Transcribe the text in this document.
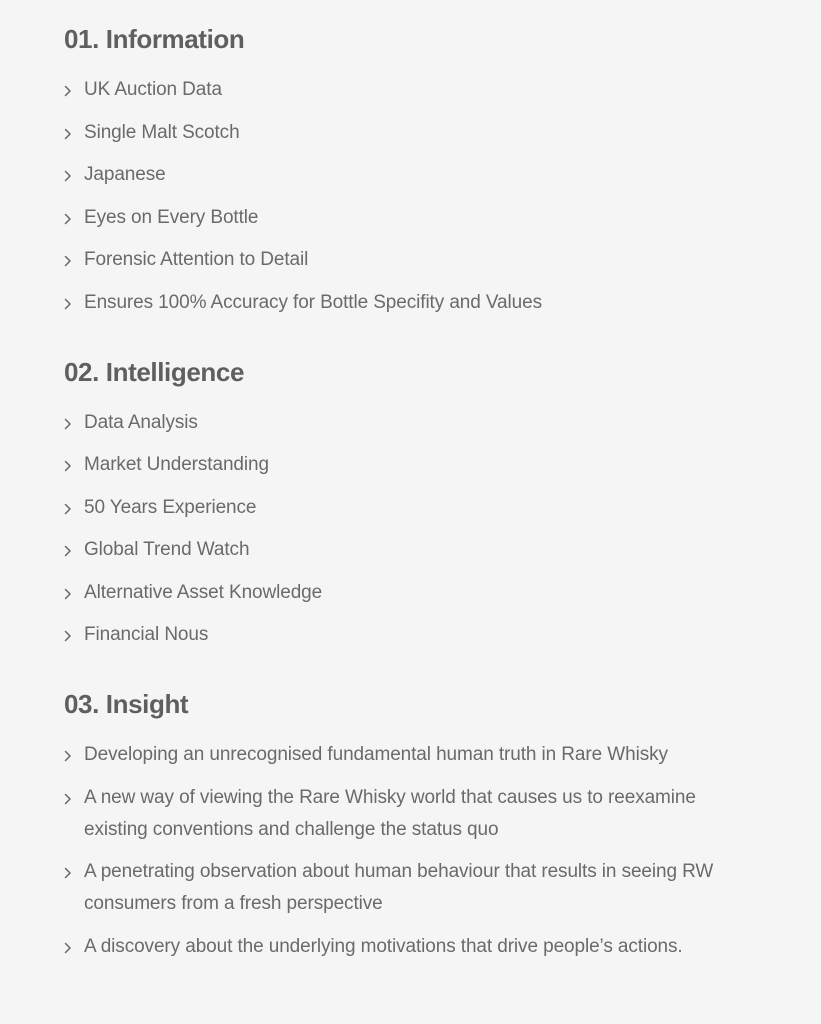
01. Information
UK Auction Data
Single Malt Scotch
Japanese
Eyes on Every Bottle
Forensic Attention to Detail
Ensures 100% Accuracy for Bottle Specifity and Values
02. Intelligence
Data Analysis
Market Understanding
50 Years Experience
Global Trend Watch
Alternative Asset Knowledge
Financial Nous
03. Insight
Developing an unrecognised fundamental human truth in Rare Whisky
A new way of viewing the Rare Whisky world that causes us to reexamine existing conventions and challenge the status quo
A penetrating observation about human behaviour that results in seeing RW consumers from a fresh perspective
A discovery about the underlying motivations that drive people’s actions.
